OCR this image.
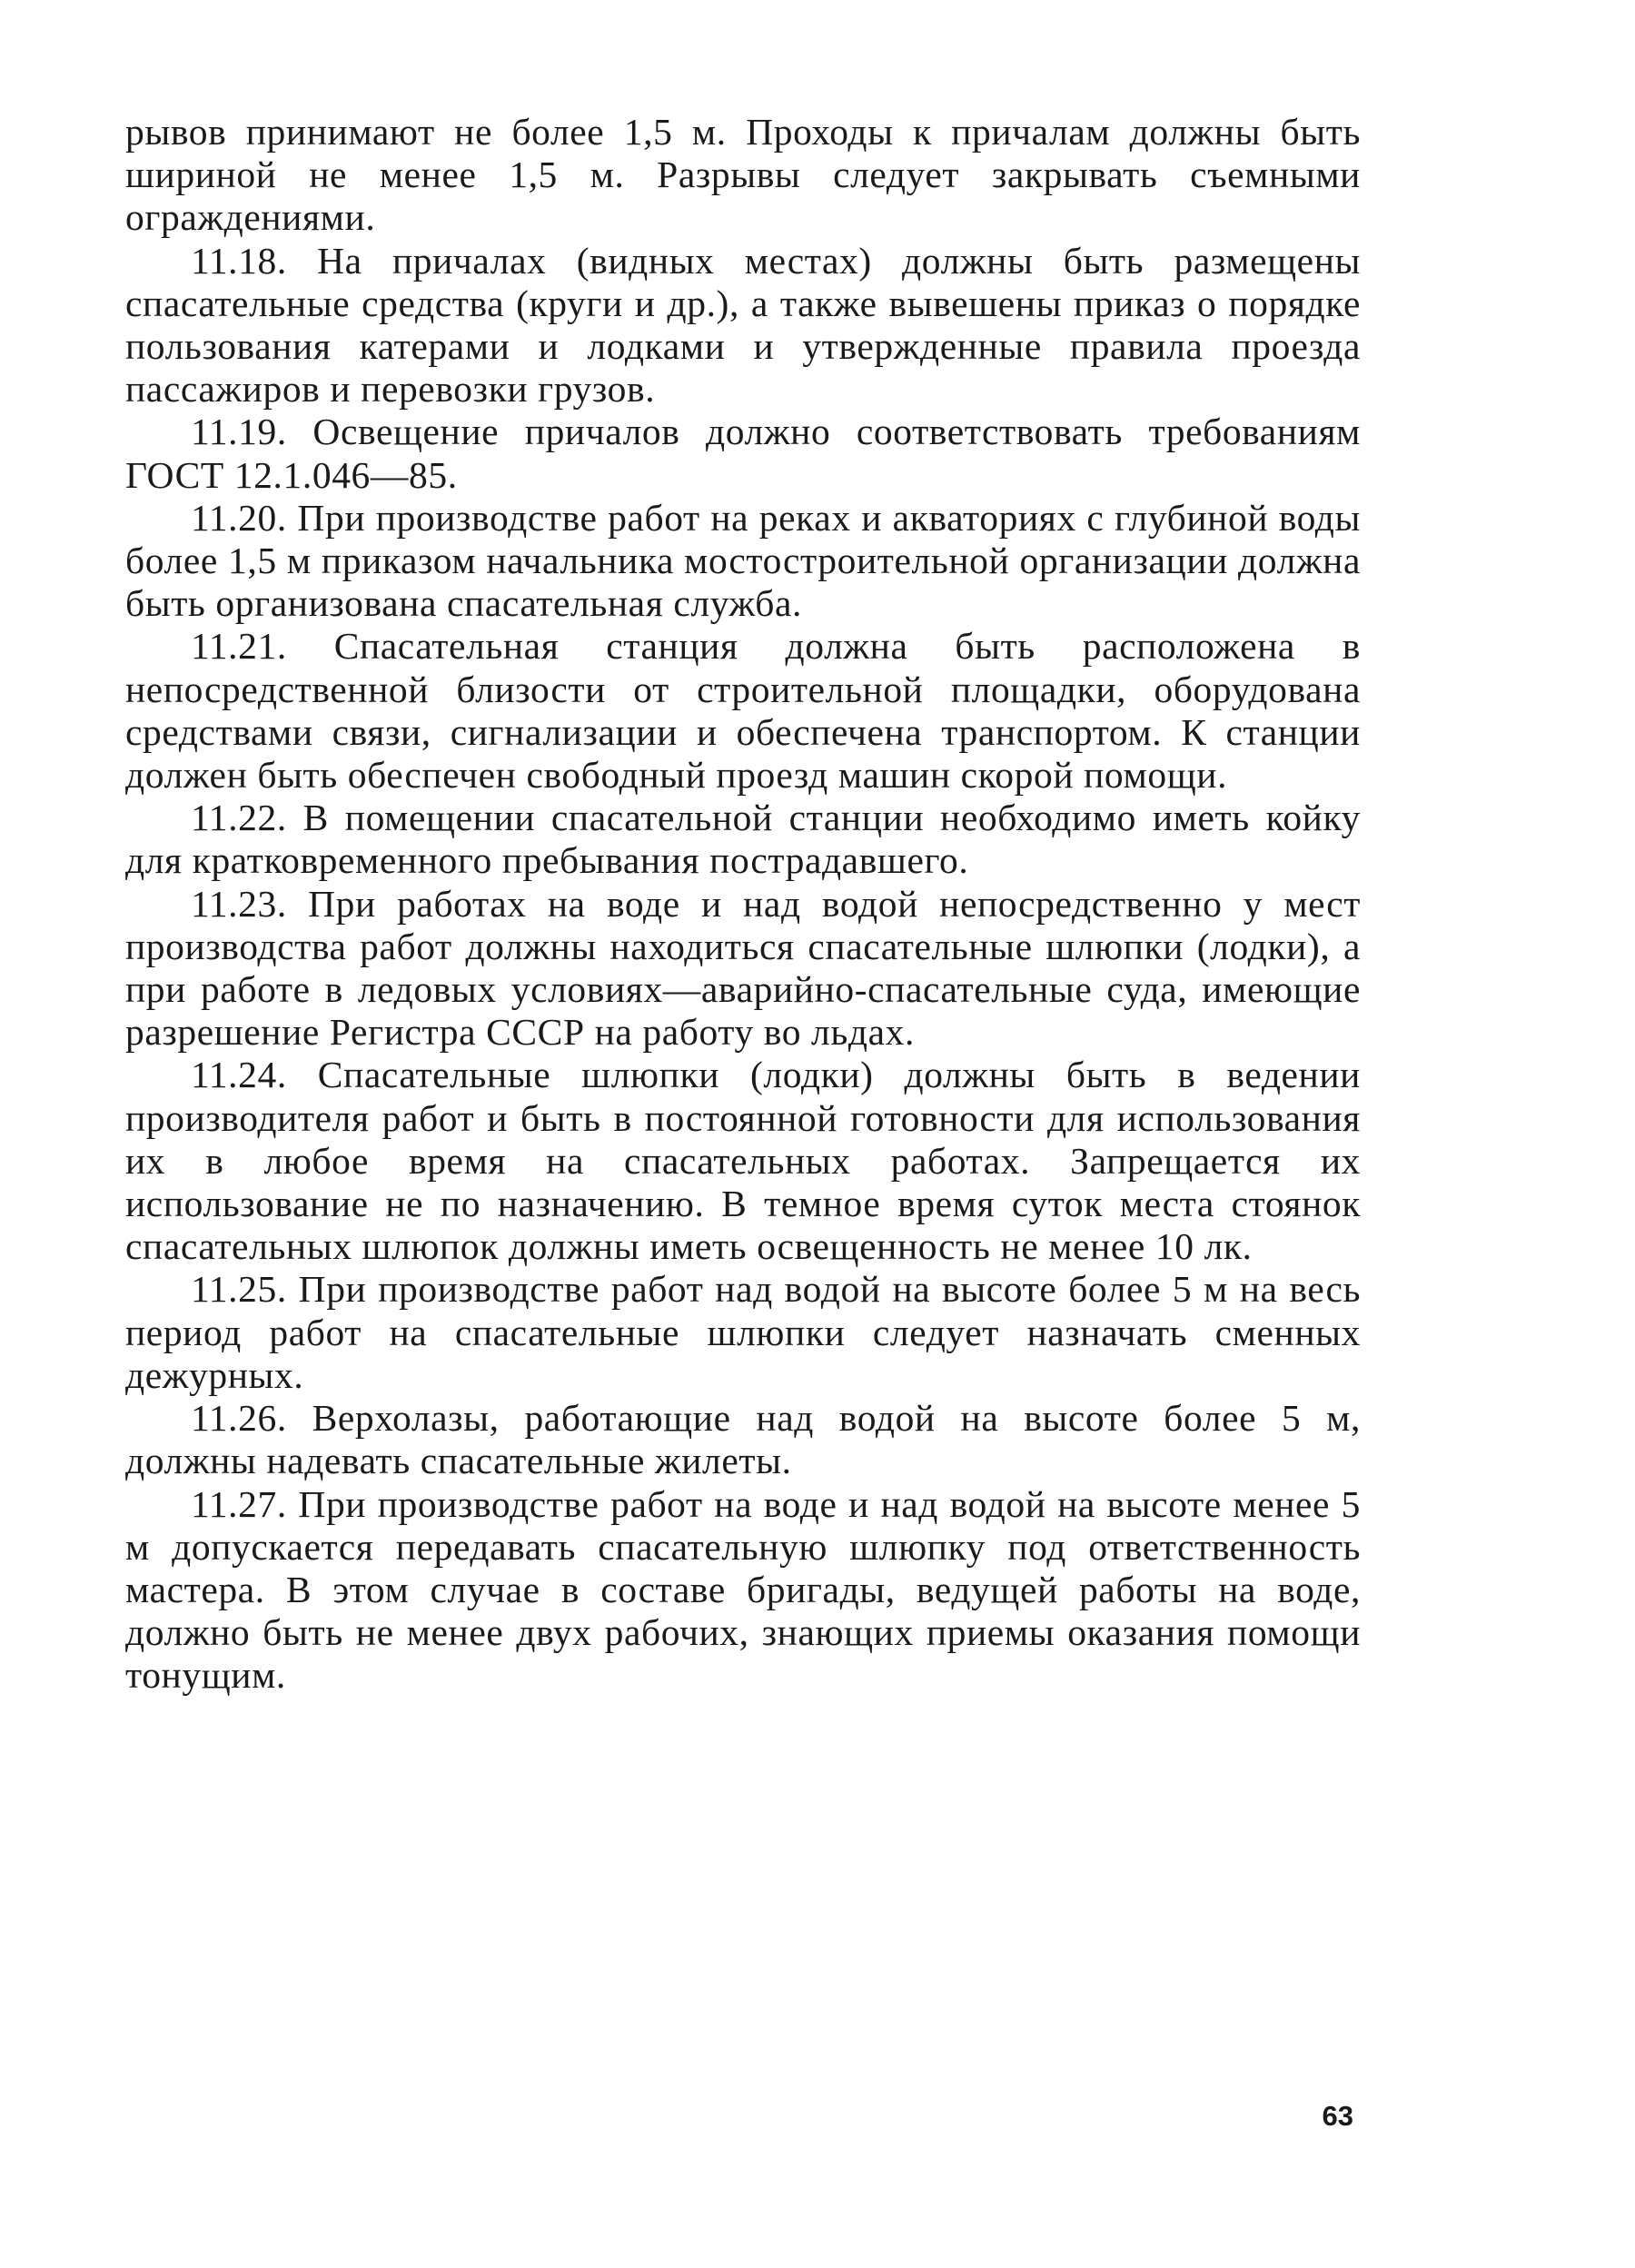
рывов принимают не более 1,5 м. Проходы к причалам должны быть шириной не менее 1,5 м. Разрывы следует закрывать съемными ограждениями.

11.18. На причалах (видных местах) должны быть размещены спасательные средства (круги и др.), а также вывешены приказ о порядке пользования катерами и лодками и утвержденные правила проезда пассажиров и перевозки грузов.

11.19. Освещение причалов должно соответствовать требованиям ГОСТ 12.1.046—85.

11.20. При производстве работ на реках и акваториях с глубиной воды более 1,5 м приказом начальника мостостроительной организации должна быть организована спасательная служба.

11.21. Спасательная станция должна быть расположена в непосредственной близости от строительной площадки, оборудована средствами связи, сигнализации и обеспечена транспортом. К станции должен быть обеспечен свободный проезд машин скорой помощи.

11.22. В помещении спасательной станции необходимо иметь койку для кратковременного пребывания пострадавшего.

11.23. При работах на воде и над водой непосредственно у мест производства работ должны находиться спасательные шлюпки (лодки), а при работе в ледовых условиях—аварийно-спасательные суда, имеющие разрешение Регистра СССР на работу во льдах.

11.24. Спасательные шлюпки (лодки) должны быть в ведении производителя работ и быть в постоянной готовности для использования их в любое время на спасательных работах. Запрещается их использование не по назначению. В темное время суток места стоянок спасательных шлюпок должны иметь освещенность не менее 10 лк.

11.25. При производстве работ над водой на высоте более 5 м на весь период работ на спасательные шлюпки следует назначать сменных дежурных.

11.26. Верхолазы, работающие над водой на высоте более 5 м, должны надевать спасательные жилеты.

11.27. При производстве работ на воде и над водой на высоте менее 5 м допускается передавать спасательную шлюпку под ответственность мастера. В этом случае в составе бригады, ведущей работы на воде, должно быть не менее двух рабочих, знающих приемы оказания помощи тонущим.

63
